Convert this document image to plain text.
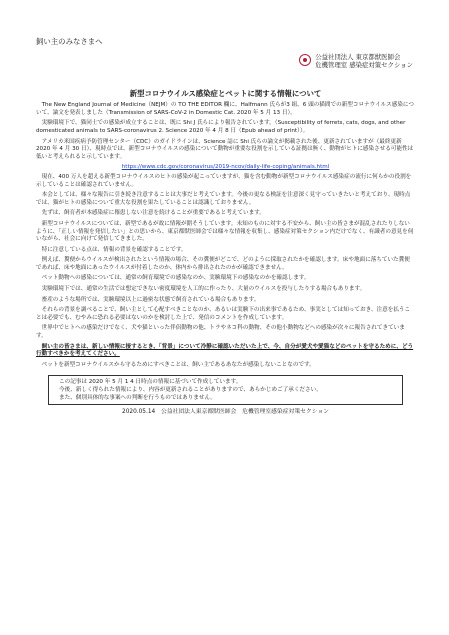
飼い主のみなさまへ
公益社団法人 東京都獣医師会
危機管理室 感染症対策セクション
新型コロナウイルス感染症とペットに関する情報について

The New England Journal of Medicine（NEJM）の TO THE EDITOR 欄に、Halfmann 氏らが3 組、6 頭の猫間での新型コロナウイルス感染について、論文を発表しました（Transmission of SARS-CoV-2 in Domestic Cat. 2020 年 5 月 13 日）。

実験環境下で、猫同士での感染が成立することは、既に Shi J 氏らにより報告されています。（Susceptibility of ferrets, cats, dogs, and other domesticated animals to SARS-coronavirus 2. Science 2020 年 4 月 8 日（Epub ahead of print））。

アメリカ米国疾病予防管理センター（CDC）のガイドラインは、Science 誌に Shi 氏らの論文が掲載された後、更新されていますが（最終更新 2020 年 4 月 30 日）、現時点では、新型コロナウイルスの感染について動物が重要な役割を示している証拠は無く、動物がヒトに感染させる可能性は低いと考えられると示しています。

https://www.cdc.gov/coronavirus/2019-ncov/daily-life-coping/animals.html

現在、400 万人を超える新型コロナウイルスのヒトの感染が起こっていますが、猫を含む動物が新型コロナウイルス感染症の流行に何らかの役割を示していることは確認されていません。

本会としては、様々な報告に引き続き注意することは大事だと考えています。今後の更なる検証を注意深く見守っていきたいと考えており、現時点では、猫がヒトの感染について重大な役割を果たしていることは認識しておりません。

先ずは、飼育者が本感染症に罹患しない注意を続けることが重要であると考えています。

新型コロナウイルスについては、新型であるが故に情報が錯そうしています。未知のものに対する不安から、飼い主の皆さまが混乱されたりしないように、「正しい情報を発信したい」との思いから、東京都獣医師会では様々な情報を収集し、感染症対策セクション内だけでなく、有識者の意見を伺いながら、社会に向けて発信してきました。

特に注意している点は、情報の背景を確認することです。

例えば、糞便からウイルスが検出されたという情報の場合、その糞便がどこで、どのように採取されたかを確認します。床や地面に落ちていた糞便であれば、床や地面にあったウイルスが付着したのか、体内から排出されたのかが確認できません。

ペット動物への感染については、通常の飼育環境での感染なのか、実験環境下の感染なのかを確認します。

実験環境下では、通常の生活では想定できない密度環境を人工的に作ったり、大量のウイルスを投与したりする場合もあります。

畜産のような場所では、実験環境以上に過密な状態で飼育されている場合もあります。

それらの背景を調べることで、飼い主として心配すべきことなのか、あるいは実験下の出来事であるため、事実としては知っておき、注意を払うことは必要でも、むやみに恐れる必要はないのかを検討した上で、発信のコメントを作成しています。

世界中でヒトへの感染だけでなく、犬や猫といった伴侶動物の他、トラやネコ科の動物、その他小動物などへの感染が次々に報告されてきています。

飼い主の皆さまは、新しい情報に接するとき、「背景」について冷静に確認いただいた上で、今、自分が愛犬や愛猫などのペットを守るために、どう行動すべきかを考えてください。

ペットを新型コロナウイルスから守るためにすべきことは、飼い主であるあなたが感染しないことなのです。

この記事は 2020 年 5 月 1 4 日時点の情報に基づいて作成しています。
今後、新しく得られた情報により、内容が更新されることがありますので、あらかじめご了承ください。
また、個別具体的な事案への判断を行うものではありません。
2020.05.14　公益社団法人東京都獣医師会　危機管理室感染症対策セクション
